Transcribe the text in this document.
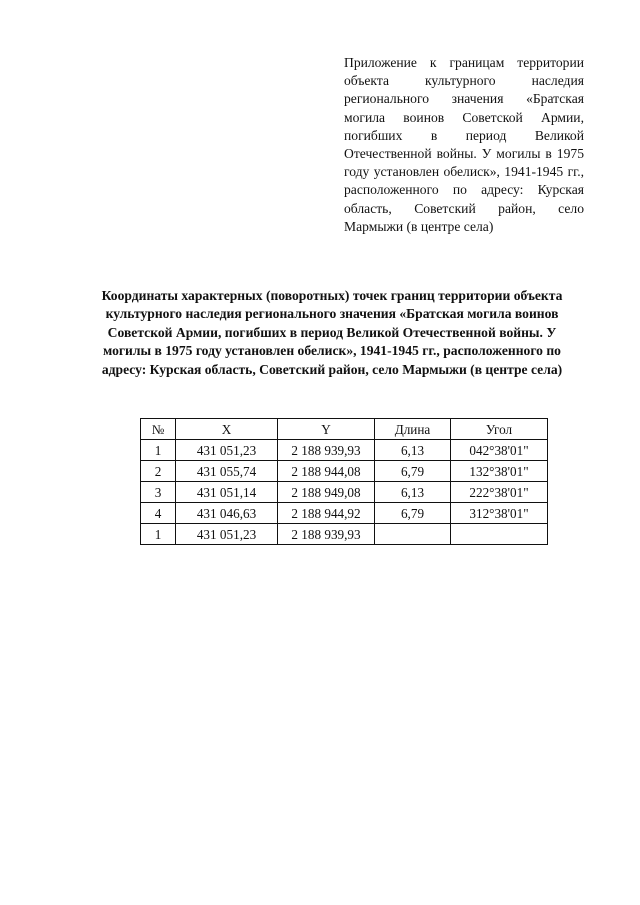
Приложение к границам территории объекта культурного наследия регионального значения «Братская могила воинов Советской Армии, погибших в период Великой Отечественной войны. У могилы в 1975 году установлен обелиск», 1941-1945 гг., расположенного по адресу: Курская область, Советский район, село Мармыжи (в центре села)
Координаты характерных (поворотных) точек границ территории объекта культурного наследия регионального значения «Братская могила воинов Советской Армии, погибших в период Великой Отечественной войны. У могилы в 1975 году установлен обелиск», 1941-1945 гг., расположенного по адресу: Курская область, Советский район, село Мармыжи (в центре села)
№	X	Y	Длина	Угол
1	431 051,23	2 188 939,93	6,13	042°38'01"
2	431 055,74	2 188 944,08	6,79	132°38'01"
3	431 051,14	2 188 949,08	6,13	222°38'01"
4	431 046,63	2 188 944,92	6,79	312°38'01"
1	431 051,23	2 188 939,93		
